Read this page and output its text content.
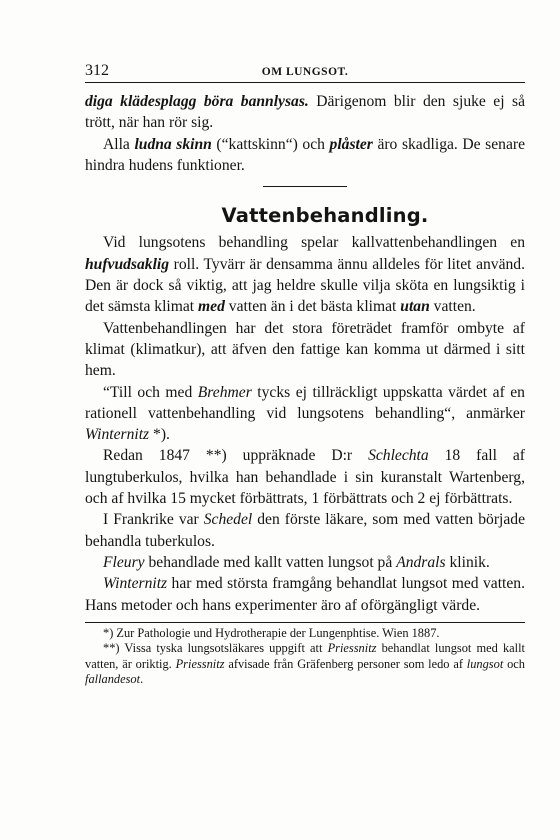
312	OM LUNGSOT.

diga klädesplagg böra bannlysas. Därigenom blir den sjuke ej så trött, när han rör sig.

Alla ludna skinn (“kattskinn“) och plåster äro skadliga. De senare hindra hudens funktioner.

Vattenbehandling.

Vid lungsotens behandling spelar kallvattenbehandlingen en hufvudsaklig roll. Tyvärr är densamma ännu alldeles för litet använd. Den är dock så viktig, att jag heldre skulle vilja sköta en lungsiktig i det sämsta klimat med vatten än i det bästa klimat utan vatten.

Vattenbehandlingen har det stora företrädet framför ombyte af klimat (klimatkur), att äfven den fattige kan komma ut därmed i sitt hem.

“Till och med Brehmer tycks ej tillräckligt uppskatta värdet af en rationell vattenbehandling vid lungsotens behandling“, anmärker Winternitz *).

Redan 1847 **) uppräknade D:r Schlechta 18 fall af lungtuberkulos, hvilka han behandlade i sin kuranstalt Wartenberg, och af hvilka 15 mycket förbättrats, 1 förbättrats och 2 ej förbättrats.

I Frankrike var Schedel den förste läkare, som med vatten började behandla tuberkulos.

Fleury behandlade med kallt vatten lungsot på Andrals klinik.

Winternitz har med största framgång behandlat lungsot med vatten. Hans metoder och hans experimenter äro af oförgängligt värde.

*) Zur Pathologie und Hydrotherapie der Lungenphtise. Wien 1887.

**) Vissa tyska lungsotsläkares uppgift att Priessnitz behandlat lungsot med kallt vatten, är oriktig. Priessnitz afvisade från Gräfenberg personer som ledo af lungsot och fallandesot.
